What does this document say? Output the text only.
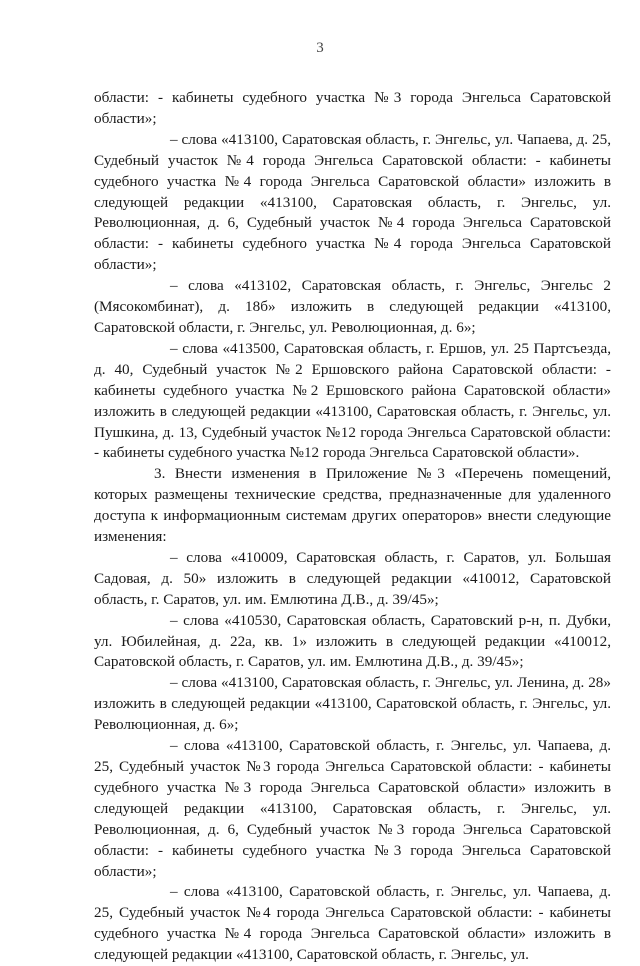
3

области: - кабинеты судебного участка №3 города Энгельса Саратовской области»;

– слова «413100, Саратовская область, г. Энгельс, ул. Чапаева, д. 25, Судебный участок №4 города Энгельса Саратовской области: - кабинеты судебного участка №4 города Энгельса Саратовской области» изложить в следующей редакции «413100, Саратовская область, г. Энгельс, ул. Революционная, д. 6, Судебный участок №4 города Энгельса Саратовской области: - кабинеты судебного участка №4 города Энгельса Саратовской области»;

– слова «413102, Саратовская область, г. Энгельс, Энгельс 2 (Мясокомбинат), д. 18б» изложить в следующей редакции «413100, Саратовской области, г. Энгельс, ул. Революционная, д. 6»;

– слова «413500, Саратовская область, г. Ершов, ул. 25 Партсъезда, д. 40, Судебный участок №2 Ершовского района Саратовской области: - кабинеты судебного участка №2 Ершовского района Саратовской области» изложить в следующей редакции «413100, Саратовская область, г. Энгельс, ул. Пушкина, д. 13, Судебный участок №12 города Энгельса Саратовской области: - кабинеты судебного участка №12 города Энгельса Саратовской области».

3. Внести изменения в Приложение №3 «Перечень помещений, которых размещены технические средства, предназначенные для удаленного доступа к информационным системам других операторов» внести следующие изменения:

– слова «410009, Саратовская область, г. Саратов, ул. Большая Садовая, д. 50» изложить в следующей редакции «410012, Саратовской область, г. Саратов, ул. им. Емлютина Д.В., д. 39/45»;

– слова «410530, Саратовская область, Саратовский р-н, п. Дубки, ул. Юбилейная, д. 22а, кв. 1» изложить в следующей редакции «410012, Саратовской область, г. Саратов, ул. им. Емлютина Д.В., д. 39/45»;

– слова «413100, Саратовская область, г. Энгельс, ул. Ленина, д. 28» изложить в следующей редакции «413100, Саратовской область, г. Энгельс, ул. Революционная, д. 6»;

– слова «413100, Саратовской область, г. Энгельс, ул. Чапаева, д. 25, Судебный участок №3 города Энгельса Саратовской области: - кабинеты судебного участка №3 города Энгельса Саратовской области» изложить в следующей редакции «413100, Саратовская область, г. Энгельс, ул. Революционная, д. 6, Судебный участок №3 города Энгельса Саратовской области: - кабинеты судебного участка №3 города Энгельса Саратовской области»;

– слова «413100, Саратовской область, г. Энгельс, ул. Чапаева, д. 25, Судебный участок №4 города Энгельса Саратовской области: - кабинеты судебного участка №4 города Энгельса Саратовской области» изложить в следующей редакции «413100, Саратовской область, г. Энгельс, ул.
